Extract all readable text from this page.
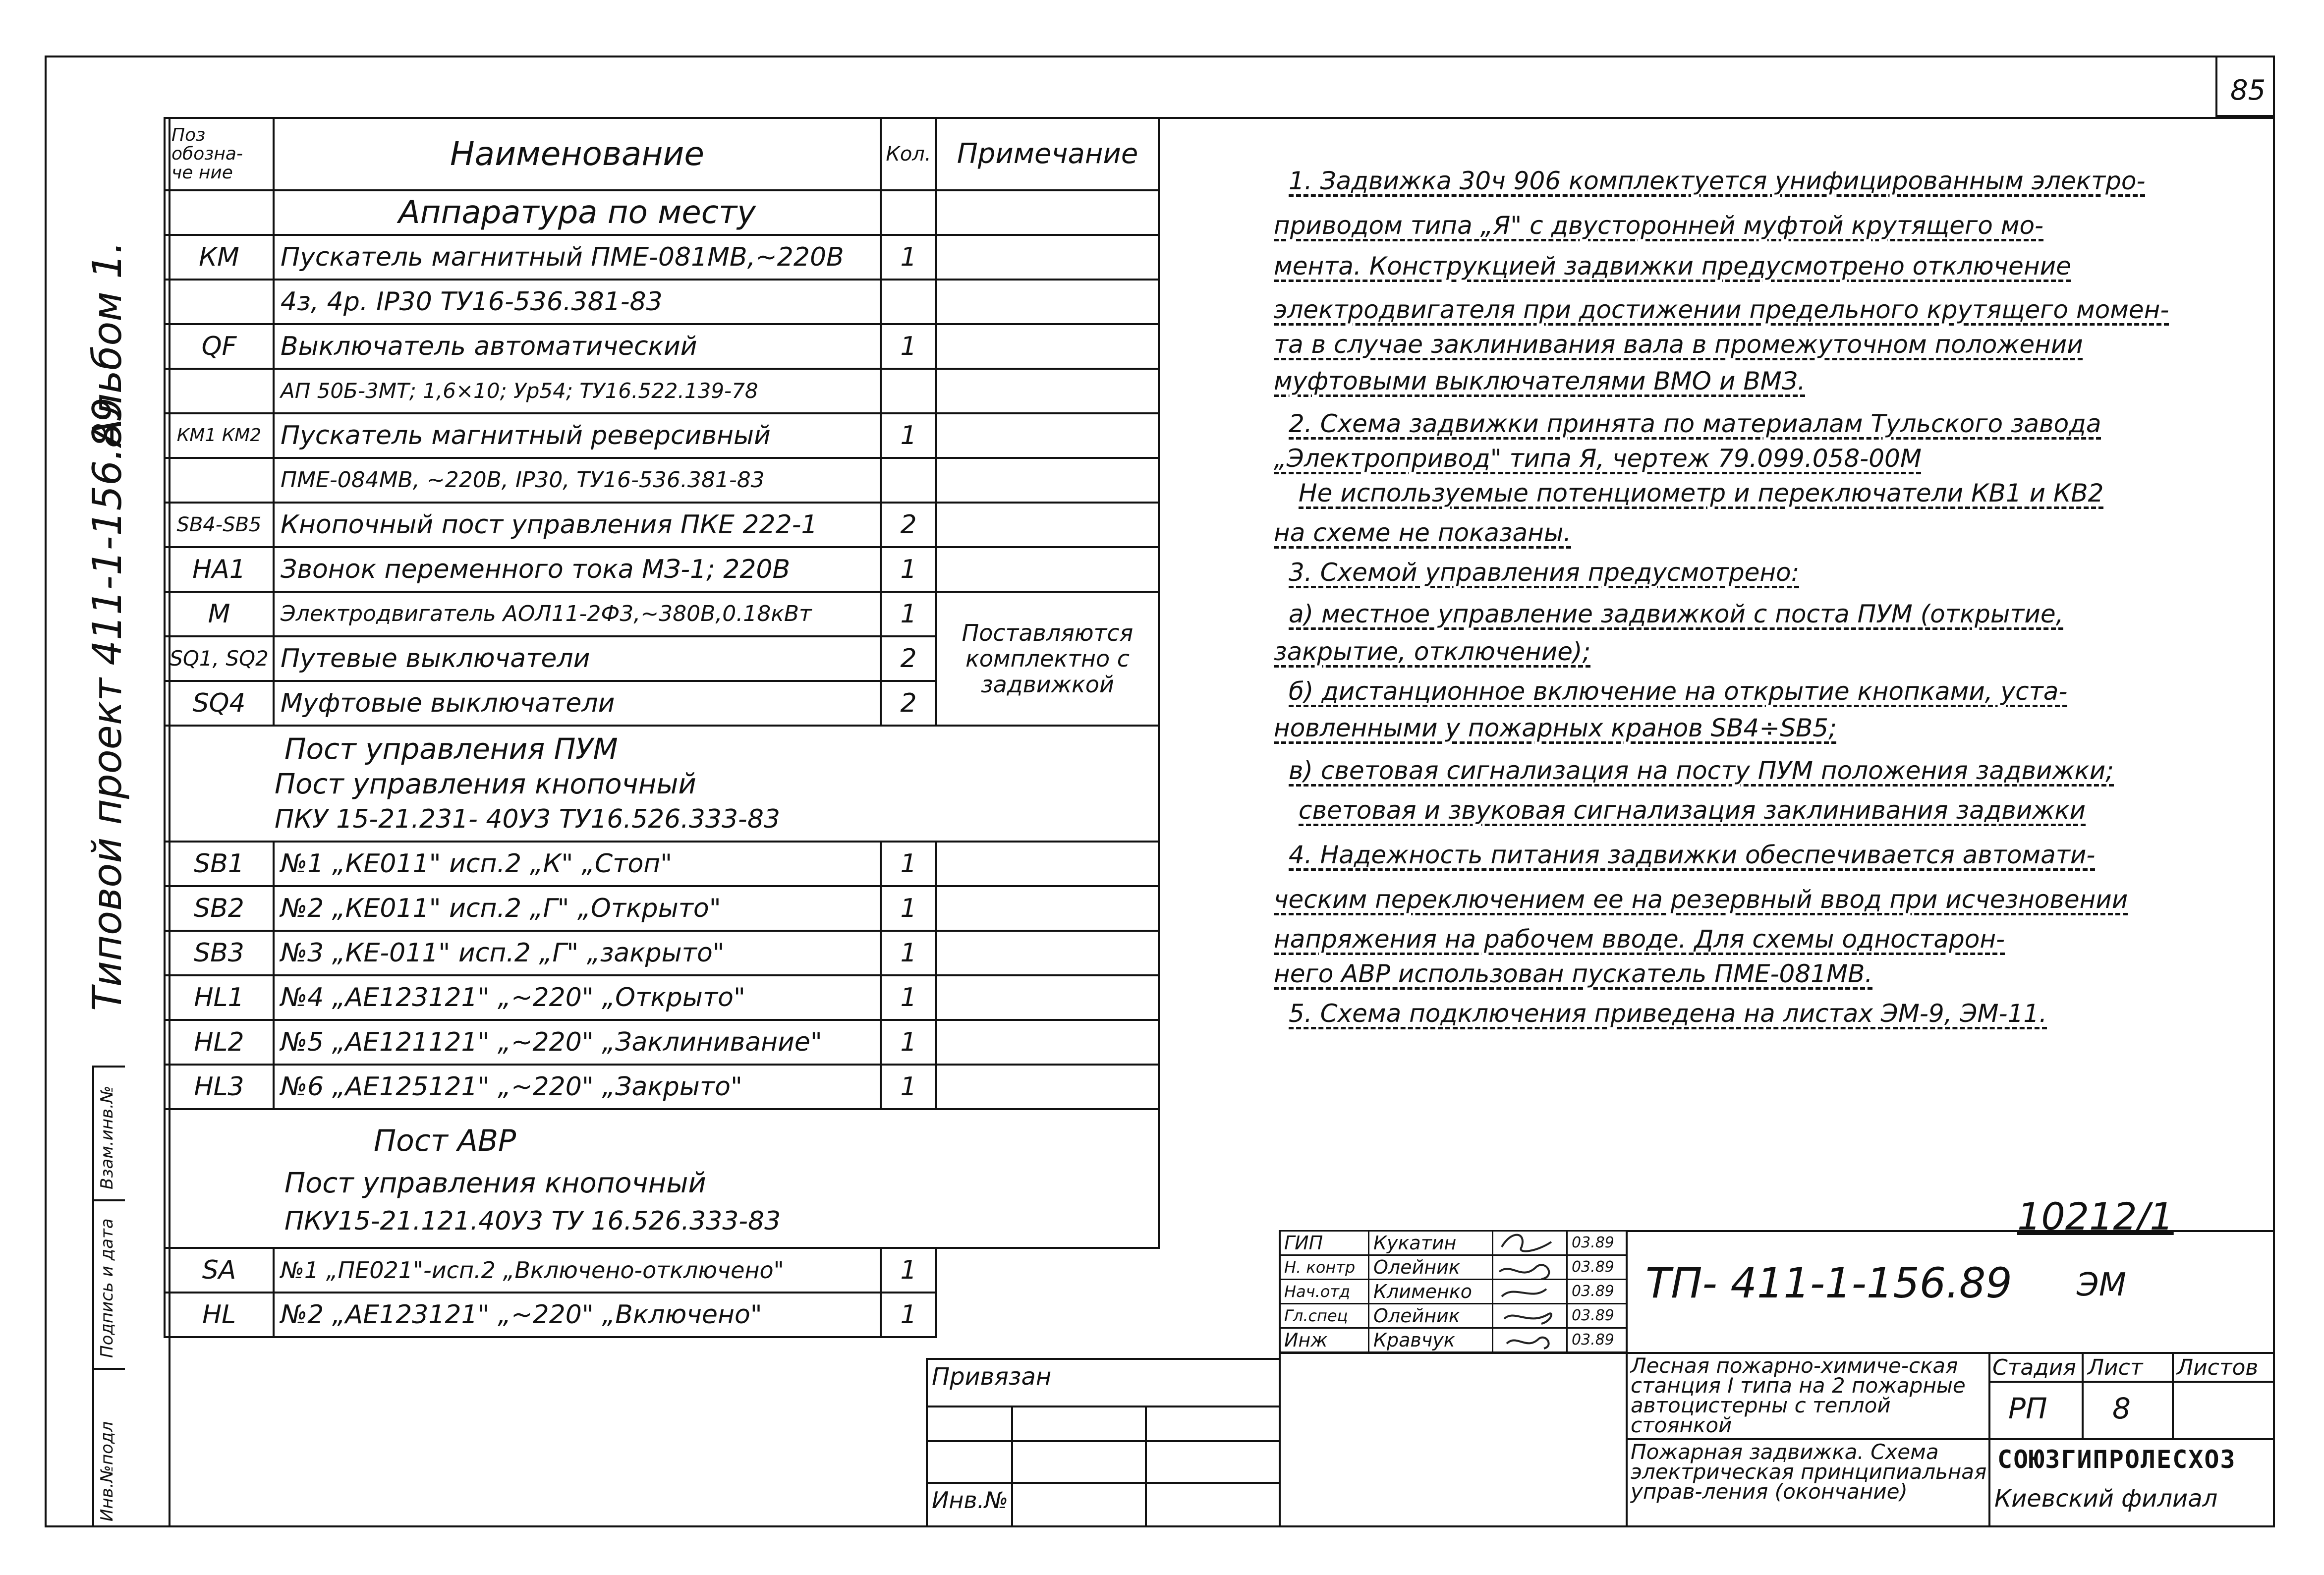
85
Типовой проект 411-1-156.89
Альбом 1.
Инв.№подл
Подпись и дата
Взам.инв.№
Поз обозна- че ние	Наименование	Кол.	Примечание
	Аппаратура по месту		
КМ	Пускатель магнитный ПМЕ-081МВ,~220В	1	
	4з, 4р. IР30 ТУ16-536.381-83		
QF	Выключатель автоматический	1	
	АП 50Б-3МТ; 1,6×10; Ур54; ТУ16.522.139-78		
КМ1 КМ2	Пускатель магнитный реверсивный	1	
	ПМЕ-084МВ, ~220В, IР30, ТУ16-536.381-83		
SB4-SB5	Кнопочный пост управления ПКЕ 222-1	2	
НА1	Звонок переменного тока МЗ-1; 220В	1	
М	Электродвигатель АОЛ11-2Ф3,~380В,0.18кВт	1	Поставляются комплектно с задвижкой
SQ1, SQ2	Путевые выключатели	2	
SQ4	Муфтовые выключатели	2	

Пост управления ПУМ
Пост управления кнопочный
ПКУ 15-21.231- 40У3 ТУ16.526.333-83			

SB1	№1 „КЕ011" исп.2 „К" „Стоп"	1	
SB2	№2 „КЕ011" исп.2 „Г" „Открыто"	1	
SB3	№3 „КЕ-011" исп.2 „Г" „закрыто"	1	
HL1	№4 „АЕ123121" „~220" „Открыто"	1	
HL2	№5 „АЕ121121" „~220" „Заклинивание"	1	
HL3	№6 „АЕ125121" „~220" „Закрыто"	1	

Пост АВР
Пост управления кнопочный
ПКУ15-21.121.40У3 ТУ 16.526.333-83			

SA	№1 „ПЕ021"-исп.2 „Включено-отключено"	1	
HL	№2 „АЕ123121" „~220" „Включено"	1	
1. Задвижка 30ч 906 комплектуется унифицированным электро-
приводом типа „Я" с двусторонней муфтой крутящего мо-
мента. Конструкцией задвижки предусмотрено отключение
электродвигателя при достижении предельного крутящего момен-
та в случае заклинивания вала в промежуточном положении
муфтовыми выключателями ВМО и ВМЗ.
2. Схема задвижки принята по материалам Тульского завода
„Электропривод" типа Я, чертеж 79.099.058-00М
Не используемые потенциометр и переключатели КВ1 и КВ2
на схеме не показаны.
3. Схемой управления предусмотрено:
а) местное управление задвижкой с поста ПУМ (открытие,
закрытие, отключение);
б) дистанционное включение на открытие кнопками, уста-
новленными у пожарных кранов SB4÷SB5;
в) световая сигнализация на посту ПУМ положения задвижки;
световая и звуковая сигнализация заклинивания задвижки
4. Надежность питания задвижки обеспечивается автомати-
ческим переключением ее на резервный ввод при исчезновении
напряжения на рабочем вводе. Для схемы одностарон-
него АВР использован пускатель ПМЕ-081МВ.
5. Схема подключения приведена на листах ЭМ-9, ЭМ-11.
10212/1
ГИП	Кукатин		03.89
Н. контр	Олейник		03.89
Нач.отд	Клименко		03.89
Гл.спец	Олейник		03.89
Инж	Кравчук		03.89
ТП- 411-1-156.89 ЭМ
Лесная пожарно-химиче-ская станция I типа на 2 пожарные автоцистерны с теплой стоянкой
Пожарная задвижка. Схема электрическая принципиальная управ-ления (окончание)
Стадия Лист Листов
РП 8
СОЮЗГИПРОЛЕСХОЗ
Киевский филиал
Привязан
Инв.№
